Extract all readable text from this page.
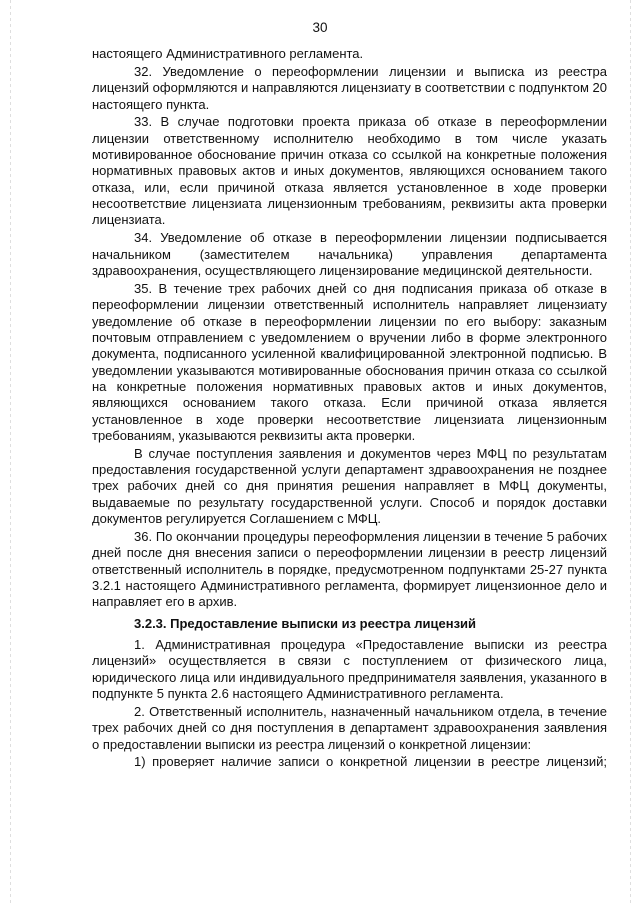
30

настоящего Административного регламента.

32. Уведомление о переоформлении лицензии и выписка из реестра лицензий оформляются и направляются лицензиату в соответствии с подпунктом 20 настоящего пункта.

33. В случае подготовки проекта приказа об отказе в переоформлении лицензии ответственному исполнителю необходимо в том числе указать мотивированное обоснование причин отказа со ссылкой на конкретные положения нормативных правовых актов и иных документов, являющихся основанием такого отказа, или, если причиной отказа является установленное в ходе проверки несоответствие лицензиата лицензионным требованиям, реквизиты акта проверки лицензиата.

34. Уведомление об отказе в переоформлении лицензии подписывается начальником (заместителем начальника) управления департамента здравоохранения, осуществляющего лицензирование медицинской деятельности.

35. В течение трех рабочих дней со дня подписания приказа об отказе в переоформлении лицензии ответственный исполнитель направляет лицензиату уведомление об отказе в переоформлении лицензии по его выбору: заказным почтовым отправлением с уведомлением о вручении либо в форме электронного документа, подписанного усиленной квалифицированной электронной подписью. В уведомлении указываются мотивированные обоснования причин отказа со ссылкой на конкретные положения нормативных правовых актов и иных документов, являющихся основанием такого отказа. Если причиной отказа является установленное в ходе проверки несоответствие лицензиата лицензионным требованиям, указываются реквизиты акта проверки.

В случае поступления заявления и документов через МФЦ по результатам предоставления государственной услуги департамент здравоохранения не позднее трех рабочих дней со дня принятия решения направляет в МФЦ документы, выдаваемые по результату государственной услуги. Способ и порядок доставки документов регулируется Соглашением с МФЦ.

36. По окончании процедуры переоформления лицензии в течение 5 рабочих дней после дня внесения записи о переоформлении лицензии в реестр лицензий ответственный исполнитель в порядке, предусмотренном подпунктами 25-27 пункта 3.2.1 настоящего Административного регламента, формирует лицензионное дело и направляет его в архив.

3.2.3. Предоставление выписки из реестра лицензий

1. Административная процедура «Предоставление выписки из реестра лицензий» осуществляется в связи с поступлением от физического лица, юридического лица или индивидуального предпринимателя заявления, указанного в подпункте 5 пункта 2.6 настоящего Административного регламента.

2. Ответственный исполнитель, назначенный начальником отдела, в течение трех рабочих дней со дня поступления в департамент здравоохранения заявления о предоставлении выписки из реестра лицензий о конкретной лицензии:

1) проверяет наличие записи о конкретной лицензии в реестре лицензий;
